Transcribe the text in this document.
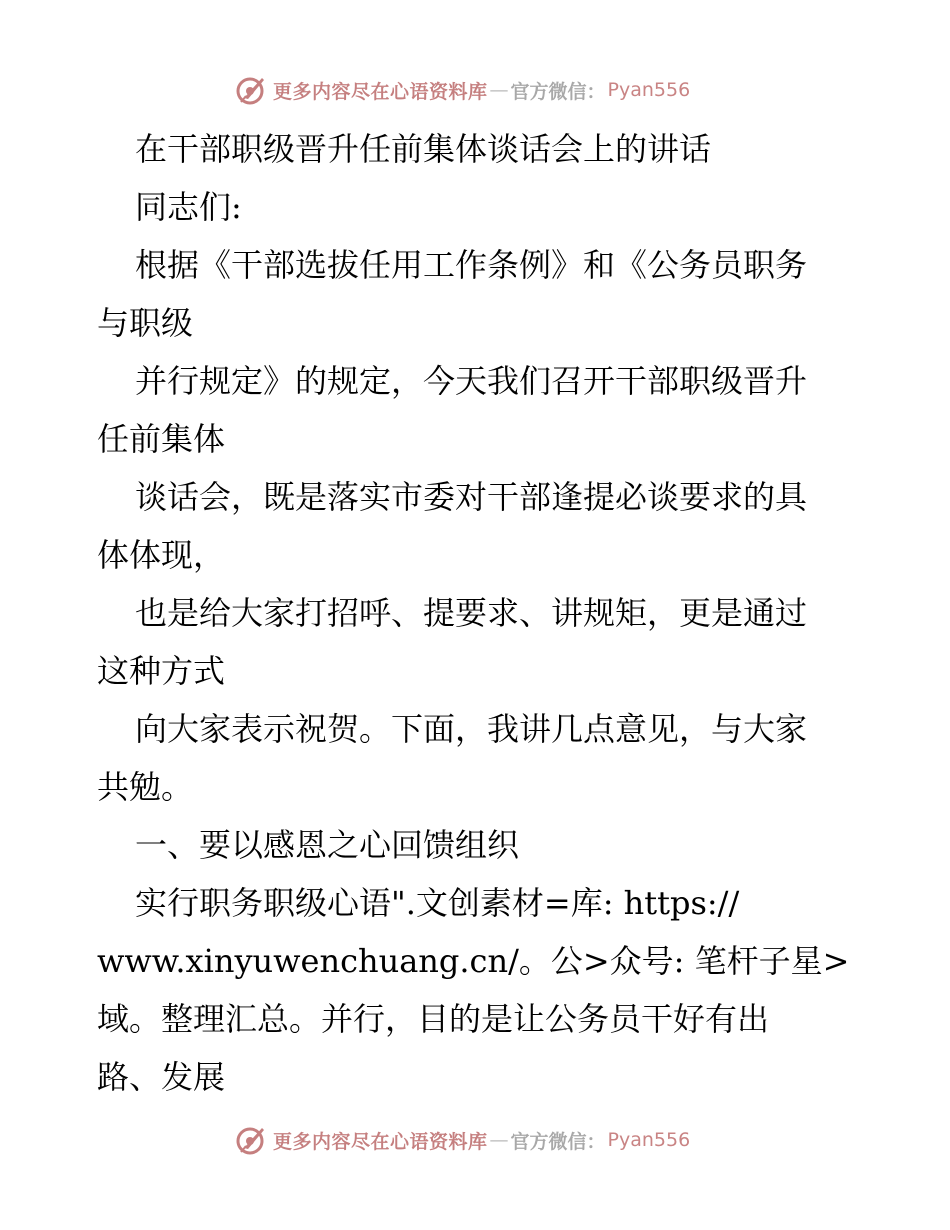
更多内容尽在心语资料库 — 官方微信： Pyan556

在干部职级晋升任前集体谈话会上的讲话

同志们:

根据《干部选拔任用工作条例》和《公务员职务

与职级

并行规定》的规定，今天我们召开干部职级晋升

任前集体

谈话会，既是落实市委对干部逢提必谈要求的具

体体现，

也是给大家打招呼、提要求、讲规矩，更是通过

这种方式

向大家表示祝贺。下面，我讲几点意见，与大家

共勉。

一、要以感恩之心回馈组织

实行职务职级心语".文创素材=库: https://

www.xinyuwenchuang.cn/。公>众号: 笔杆子星>

域。整理汇总。并行，目的是让公务员干好有出

路、发展

更多内容尽在心语资料库 — 官方微信： Pyan556
